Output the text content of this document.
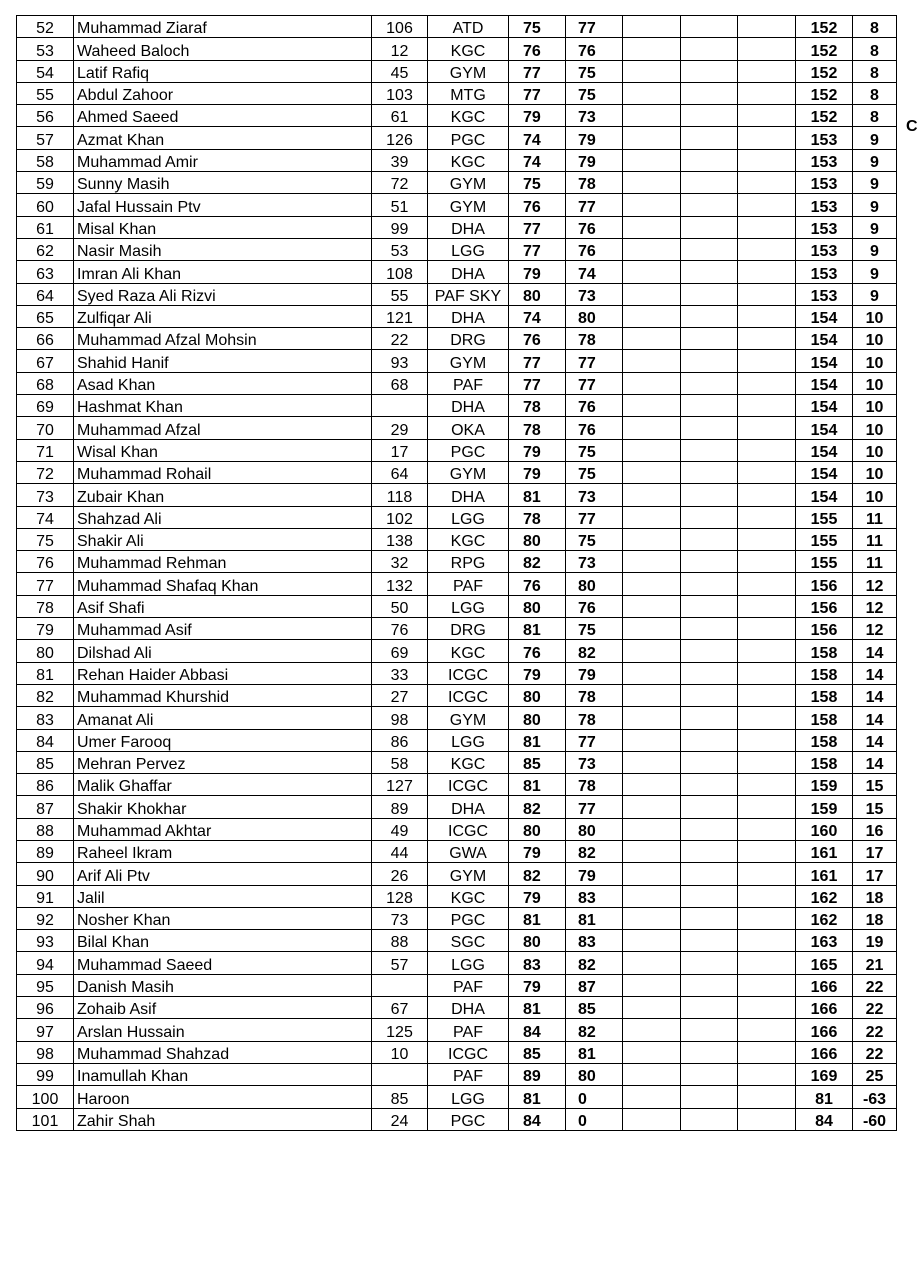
52	Muhammad Ziaraf	106	ATD	75	77				152	8
53	Waheed Baloch	12	KGC	76	76				152	8
54	Latif Rafiq	45	GYM	77	75				152	8
55	Abdul Zahoor	103	MTG	77	75				152	8
56	Ahmed Saeed	61	KGC	79	73				152	8
57	Azmat Khan	126	PGC	74	79				153	9
58	Muhammad Amir	39	KGC	74	79				153	9
59	Sunny Masih	72	GYM	75	78				153	9
60	Jafal Hussain Ptv	51	GYM	76	77				153	9
61	Misal Khan	99	DHA	77	76				153	9
62	Nasir Masih	53	LGG	77	76				153	9
63	Imran Ali Khan	108	DHA	79	74				153	9
64	Syed Raza Ali Rizvi	55	PAF SKY	80	73				153	9
65	Zulfiqar Ali	121	DHA	74	80				154	10
66	Muhammad Afzal Mohsin	22	DRG	76	78				154	10
67	Shahid Hanif	93	GYM	77	77				154	10
68	Asad Khan	68	PAF	77	77				154	10
69	Hashmat Khan		DHA	78	76				154	10
70	Muhammad Afzal	29	OKA	78	76				154	10
71	Wisal Khan	17	PGC	79	75				154	10
72	Muhammad Rohail	64	GYM	79	75				154	10
73	Zubair Khan	118	DHA	81	73				154	10
74	Shahzad Ali	102	LGG	78	77				155	11
75	Shakir Ali	138	KGC	80	75				155	11
76	Muhammad Rehman	32	RPG	82	73				155	11
77	Muhammad Shafaq Khan	132	PAF	76	80				156	12
78	Asif Shafi	50	LGG	80	76				156	12
79	Muhammad Asif	76	DRG	81	75				156	12
80	Dilshad Ali	69	KGC	76	82				158	14
81	Rehan Haider Abbasi	33	ICGC	79	79				158	14
82	Muhammad Khurshid	27	ICGC	80	78				158	14
83	Amanat Ali	98	GYM	80	78				158	14
84	Umer Farooq	86	LGG	81	77				158	14
85	Mehran Pervez	58	KGC	85	73				158	14
86	Malik Ghaffar	127	ICGC	81	78				159	15
87	Shakir Khokhar	89	DHA	82	77				159	15
88	Muhammad Akhtar	49	ICGC	80	80				160	16
89	Raheel Ikram	44	GWA	79	82				161	17
90	Arif Ali Ptv	26	GYM	82	79				161	17
91	Jalil	128	KGC	79	83				162	18
92	Nosher Khan	73	PGC	81	81				162	18
93	Bilal Khan	88	SGC	80	83				163	19
94	Muhammad Saeed	57	LGG	83	82				165	21
95	Danish Masih		PAF	79	87				166	22
96	Zohaib Asif	67	DHA	81	85				166	22
97	Arslan Hussain	125	PAF	84	82				166	22
98	Muhammad Shahzad	10	ICGC	85	81				166	22
99	Inamullah Khan		PAF	89	80				169	25
100	Haroon	85	LGG	81	0				81	-63
101	Zahir Shah	24	PGC	84	0				84	-60
C
